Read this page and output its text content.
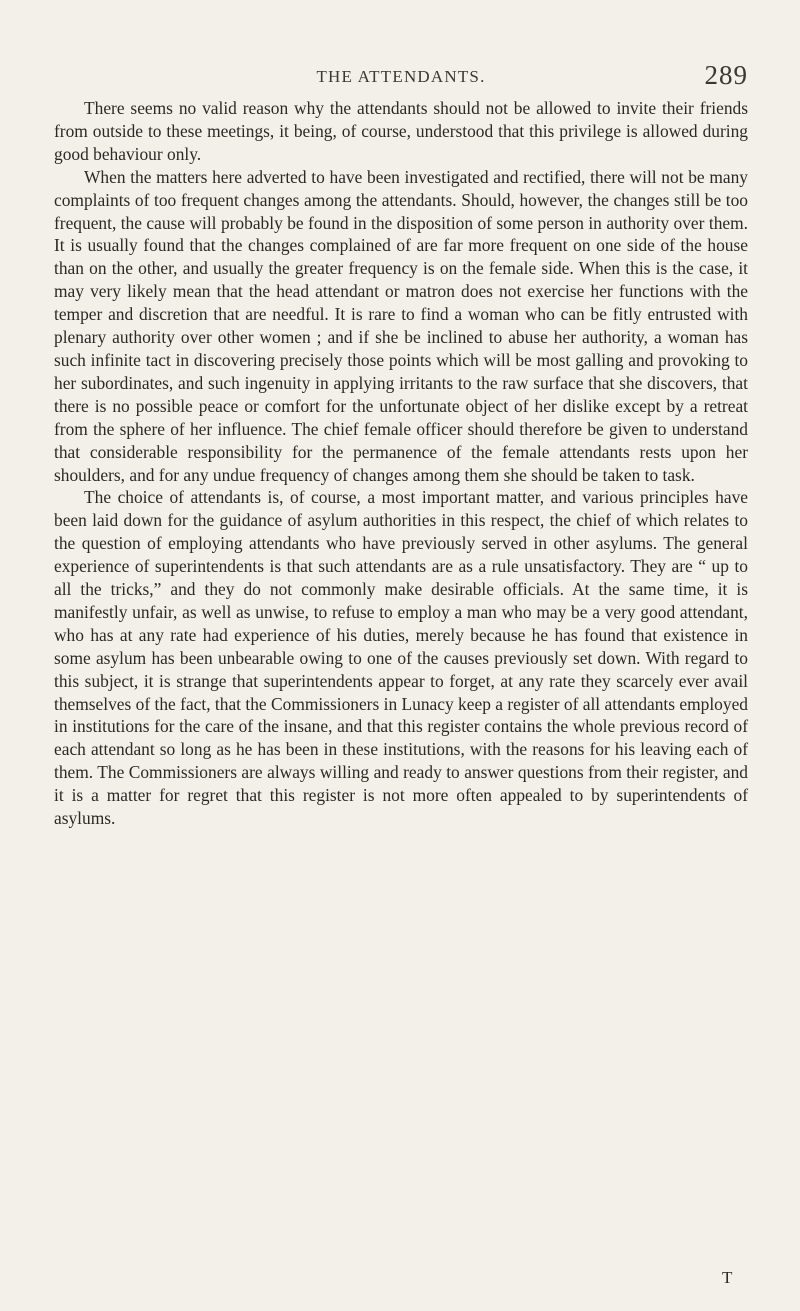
THE ATTENDANTS.	289

There seems no valid reason why the attendants should not be allowed to invite their friends from outside to these meetings, it being, of course, understood that this privilege is allowed during good behaviour only.

When the matters here adverted to have been investigated and rectified, there will not be many complaints of too frequent changes among the attendants. Should, however, the changes still be too frequent, the cause will probably be found in the disposition of some person in authority over them. It is usually found that the changes complained of are far more frequent on one side of the house than on the other, and usually the greater frequency is on the female side. When this is the case, it may very likely mean that the head attendant or matron does not exercise her functions with the temper and discretion that are needful. It is rare to find a woman who can be fitly entrusted with plenary authority over other women ; and if she be inclined to abuse her authority, a woman has such infinite tact in discovering precisely those points which will be most galling and provoking to her subordinates, and such ingenuity in applying irritants to the raw surface that she discovers, that there is no possible peace or comfort for the unfortunate object of her dislike except by a retreat from the sphere of her influence. The chief female officer should therefore be given to understand that considerable responsibility for the permanence of the female attendants rests upon her shoulders, and for any undue frequency of changes among them she should be taken to task.

The choice of attendants is, of course, a most important matter, and various principles have been laid down for the guidance of asylum authorities in this respect, the chief of which relates to the question of employing attendants who have previously served in other asylums. The general experience of superintendents is that such attendants are as a rule unsatisfactory. They are “ up to all the tricks,” and they do not commonly make desirable officials. At the same time, it is manifestly unfair, as well as unwise, to refuse to employ a man who may be a very good attendant, who has at any rate had experience of his duties, merely because he has found that existence in some asylum has been unbearable owing to one of the causes previously set down. With regard to this subject, it is strange that superintendents appear to forget, at any rate they scarcely ever avail themselves of the fact, that the Commissioners in Lunacy keep a register of all attendants employed in institutions for the care of the insane, and that this register contains the whole previous record of each attendant so long as he has been in these institutions, with the reasons for his leaving each of them. The Commissioners are always willing and ready to answer questions from their register, and it is a matter for regret that this register is not more often appealed to by superintendents of asylums.

T
